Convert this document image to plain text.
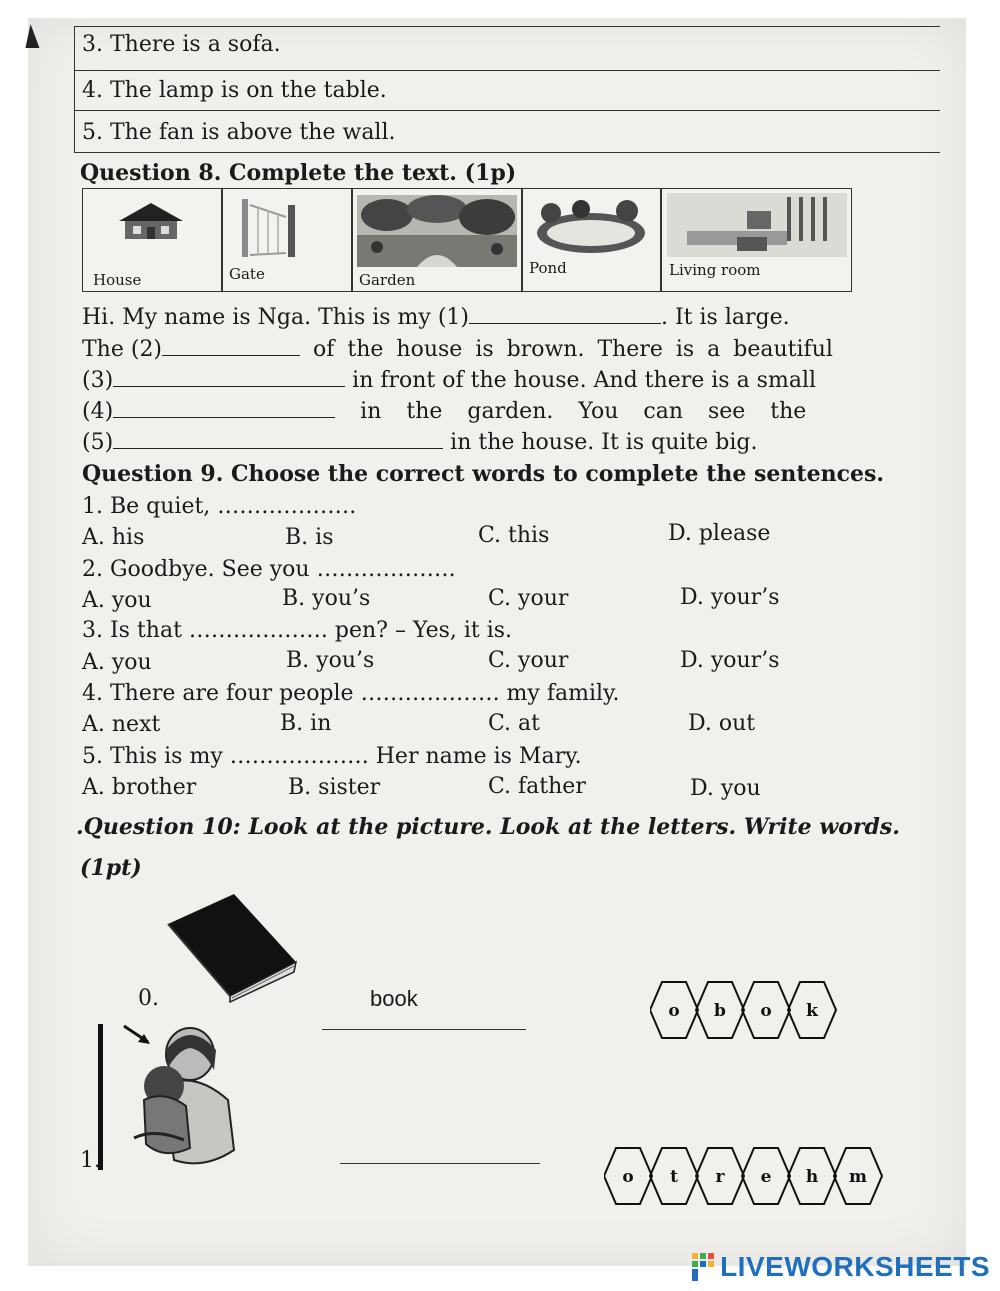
3. There is a sofa.
4. The lamp is on the table.
5. The fan is above the wall.
Question 8. Complete the text. (1p)
House	Gate	Garden
Pond	Living room
Hi. My name is Nga. This is my (1)	. It is large.
The (2)	of the house is brown. There is a beautiful
(3)	in front of the house. And there is a small
(4)	in the garden. You can see the
(5)	in the house. It is quite big.
Question 9. Choose the correct words to complete the sentences.
1. Be quiet, ……………….
A. his	B. is	C. this	D. please
2. Goodbye. See you ……………….
A. you	B. you’s	C. your	D. your’s
3. Is that ………………. pen? – Yes, it is.
A. you	B. you’s	C. your	D. your’s
4. There are four people ………………. my family.
A. next	B. in	C. at	D. out
5. This is my ………………. Her name is Mary.
A. brother	B. sister	C. father	D. you
.Question 10: Look at the picture. Look at the letters. Write words.
(1pt)
0.	book	o b o k
1.
o t r e h m
LIVEWORKSHEETS
